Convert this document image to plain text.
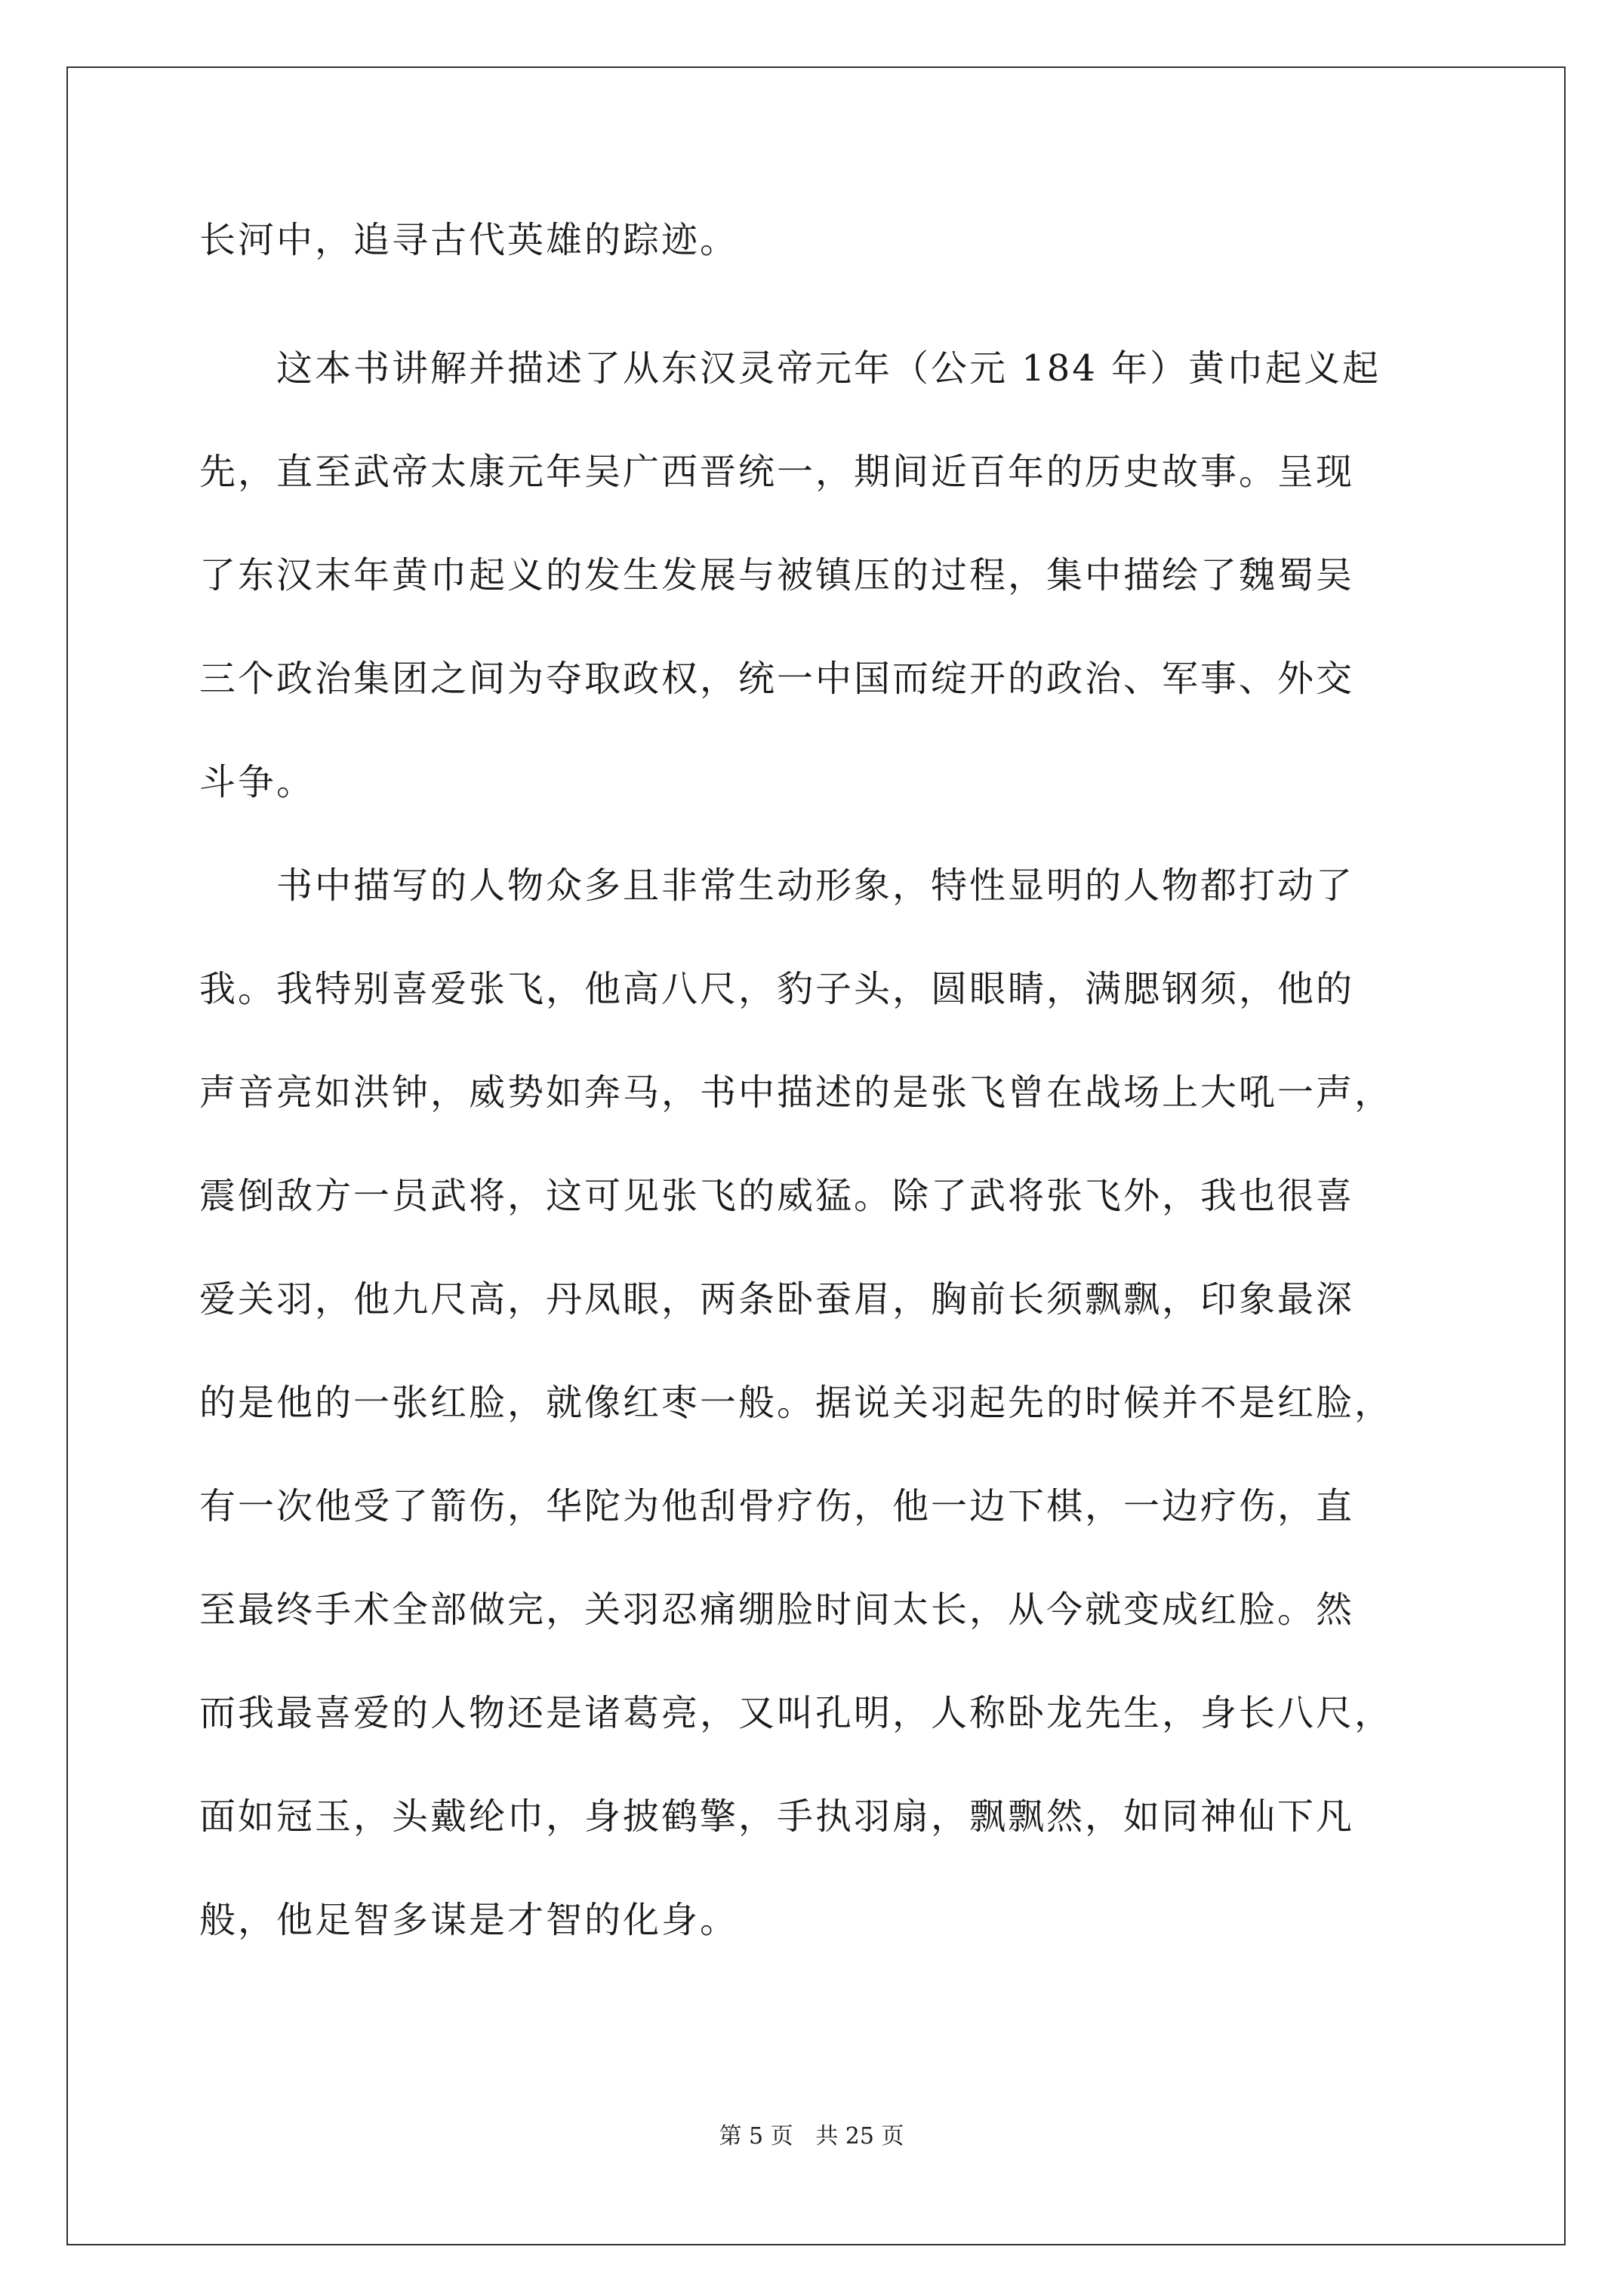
长河中，追寻古代英雄的踪迹。
　　这本书讲解并描述了从东汉灵帝元年（公元 184 年）黄巾起义起
先，直至武帝太康元年吴广西晋统一，期间近百年的历史故事。呈现
了东汉末年黄巾起义的发生发展与被镇压的过程，集中描绘了魏蜀吴
三个政治集团之间为夺取政权，统一中国而绽开的政治、军事、外交
斗争。
　　书中描写的人物众多且非常生动形象，特性显明的人物都打动了
我。我特别喜爱张飞，他高八尺，豹子头，圆眼睛，满腮钢须，他的
声音亮如洪钟，威势如奔马，书中描述的是张飞曾在战场上大吼一声，
震倒敌方一员武将，这可见张飞的威猛。除了武将张飞外，我也很喜
爱关羽，他九尺高，丹凤眼，两条卧蚕眉，胸前长须飘飘，印象最深
的是他的一张红脸，就像红枣一般。据说关羽起先的时候并不是红脸，
有一次他受了箭伤，华陀为他刮骨疗伤，他一边下棋，一边疗伤，直
至最终手术全部做完，关羽忍痛绷脸时间太长，从今就变成红脸。然
而我最喜爱的人物还是诸葛亮，又叫孔明，人称卧龙先生，身长八尺，
面如冠玉，头戴纶巾，身披鹤擎，手执羽扇，飘飘然，如同神仙下凡
般，他足智多谋是才智的化身。
第 5 页 共 25 页
